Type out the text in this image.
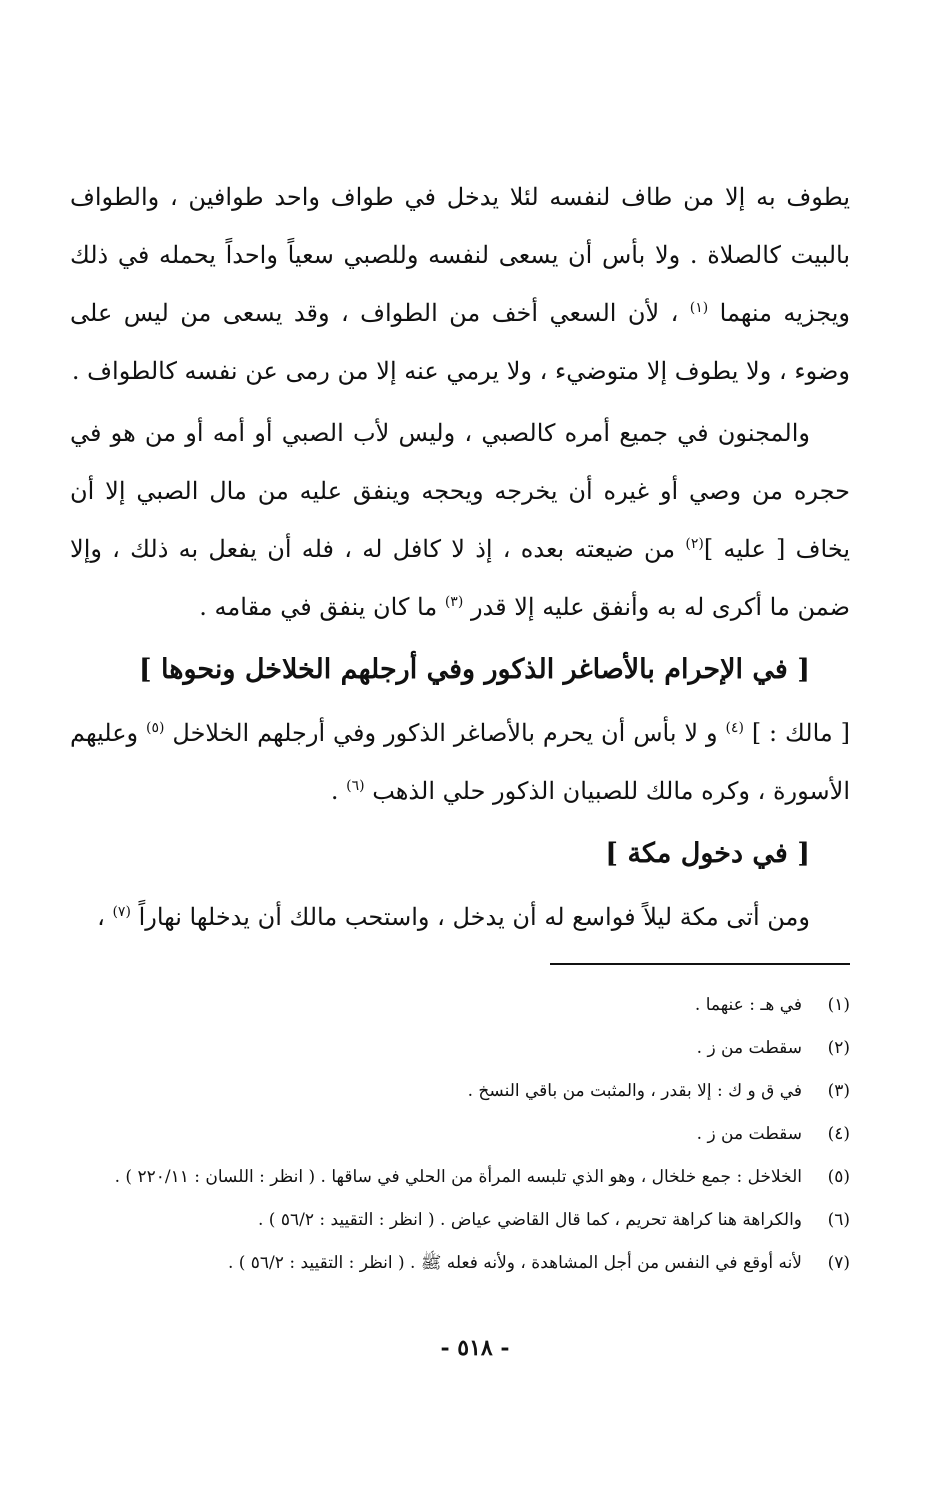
يطوف به إلا من طاف لنفسه لئلا يدخل في طواف واحد طوافين ، والطواف بالبيت كالصلاة . ولا بأس أن يسعى لنفسه وللصبي سعياً واحداً يحمله في ذلك ويجزيه منهما $^{(١)}$ ، لأن السعي أخف من الطواف ، وقد يسعى من ليس على وضوء ، ولا يطوف إلا متوضيء ، ولا يرمي عنه إلا من رمى عن نفسه كالطواف .

والمجنون في جميع أمره كالصبي ، وليس لأب الصبي أو أمه أو من هو في حجره من وصي أو غيره أن يخرجه ويحجه وينفق عليه من مال الصبي إلا أن يخاف [ عليه ]$^{(٢)}$ من ضيعته بعده ، إذ لا كافل له ، فله أن يفعل به ذلك ، وإلا ضمن ما أكرى له به وأنفق عليه إلا قدر $^{(٣)}$ ما كان ينفق في مقامه .

[ في الإحرام بالأصاغر الذكور وفي أرجلهم الخلاخل ونحوها ]

[ مالك : ] $^{(٤)}$ و لا بأس أن يحرم بالأصاغر الذكور وفي أرجلهم الخلاخل $^{(٥)}$ وعليهم الأسورة ، وكره مالك للصبيان الذكور حلي الذهب $^{(٦)}$ .

[ في دخول مكة ]

ومن أتى مكة ليلاً فواسع له أن يدخل ، واستحب مالك أن يدخلها نهاراً $^{(٧)}$ ،

(١)
في هـ : عنهما .
(٢)
سقطت من ز .
(٣)
في ق و ك : إلا بقدر ، والمثبت من باقي النسخ .
(٤)
سقطت من ز .
(٥)
الخلاخل : جمع خلخال ، وهو الذي تلبسه المرأة من الحلي في ساقها . ( انظر : اللسان : ٢٢٠/١١ ) .
(٦)
والكراهة هنا كراهة تحريم ، كما قال القاضي عياض . ( انظر : التقييد : ٥٦/٢ ) .
(٧)
لأنه أوقع في النفس من أجل المشاهدة ، ولأنه فعله ﷺ . ( انظر : التقييد : ٥٦/٢ ) .
- ٥١٨ -
